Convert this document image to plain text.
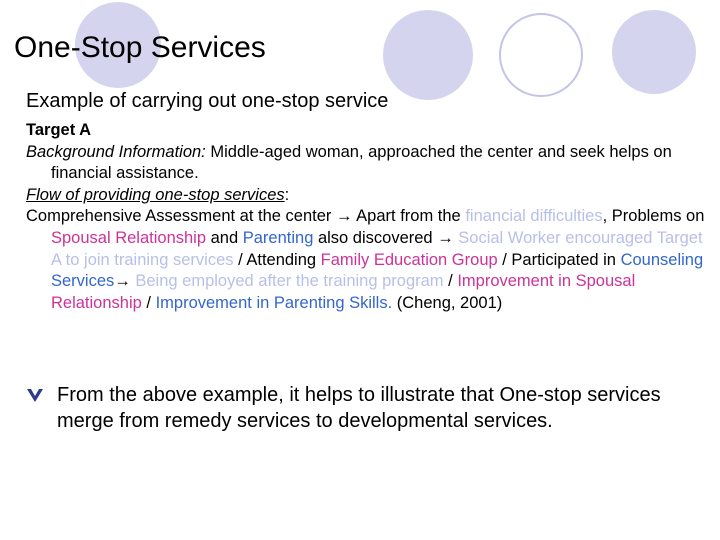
One-Stop Services
Example of carrying out one-stop service

Target A

Background Information: Middle-aged woman, approached the center and seek helps on financial assistance.

Flow of providing one-stop services:

Comprehensive Assessment at the center → Apart from the financial difficulties, Problems on Spousal Relationship and Parenting also discovered → Social Worker encouraged Target A to join training services / Attending Family Education Group / Participated in Counseling Services→ Being employed after the training program / Improvement in Spousal Relationship / Improvement in Parenting Skills. (Cheng, 2001)

From the above example, it helps to illustrate that One-stop services merge from remedy services to developmental services.
